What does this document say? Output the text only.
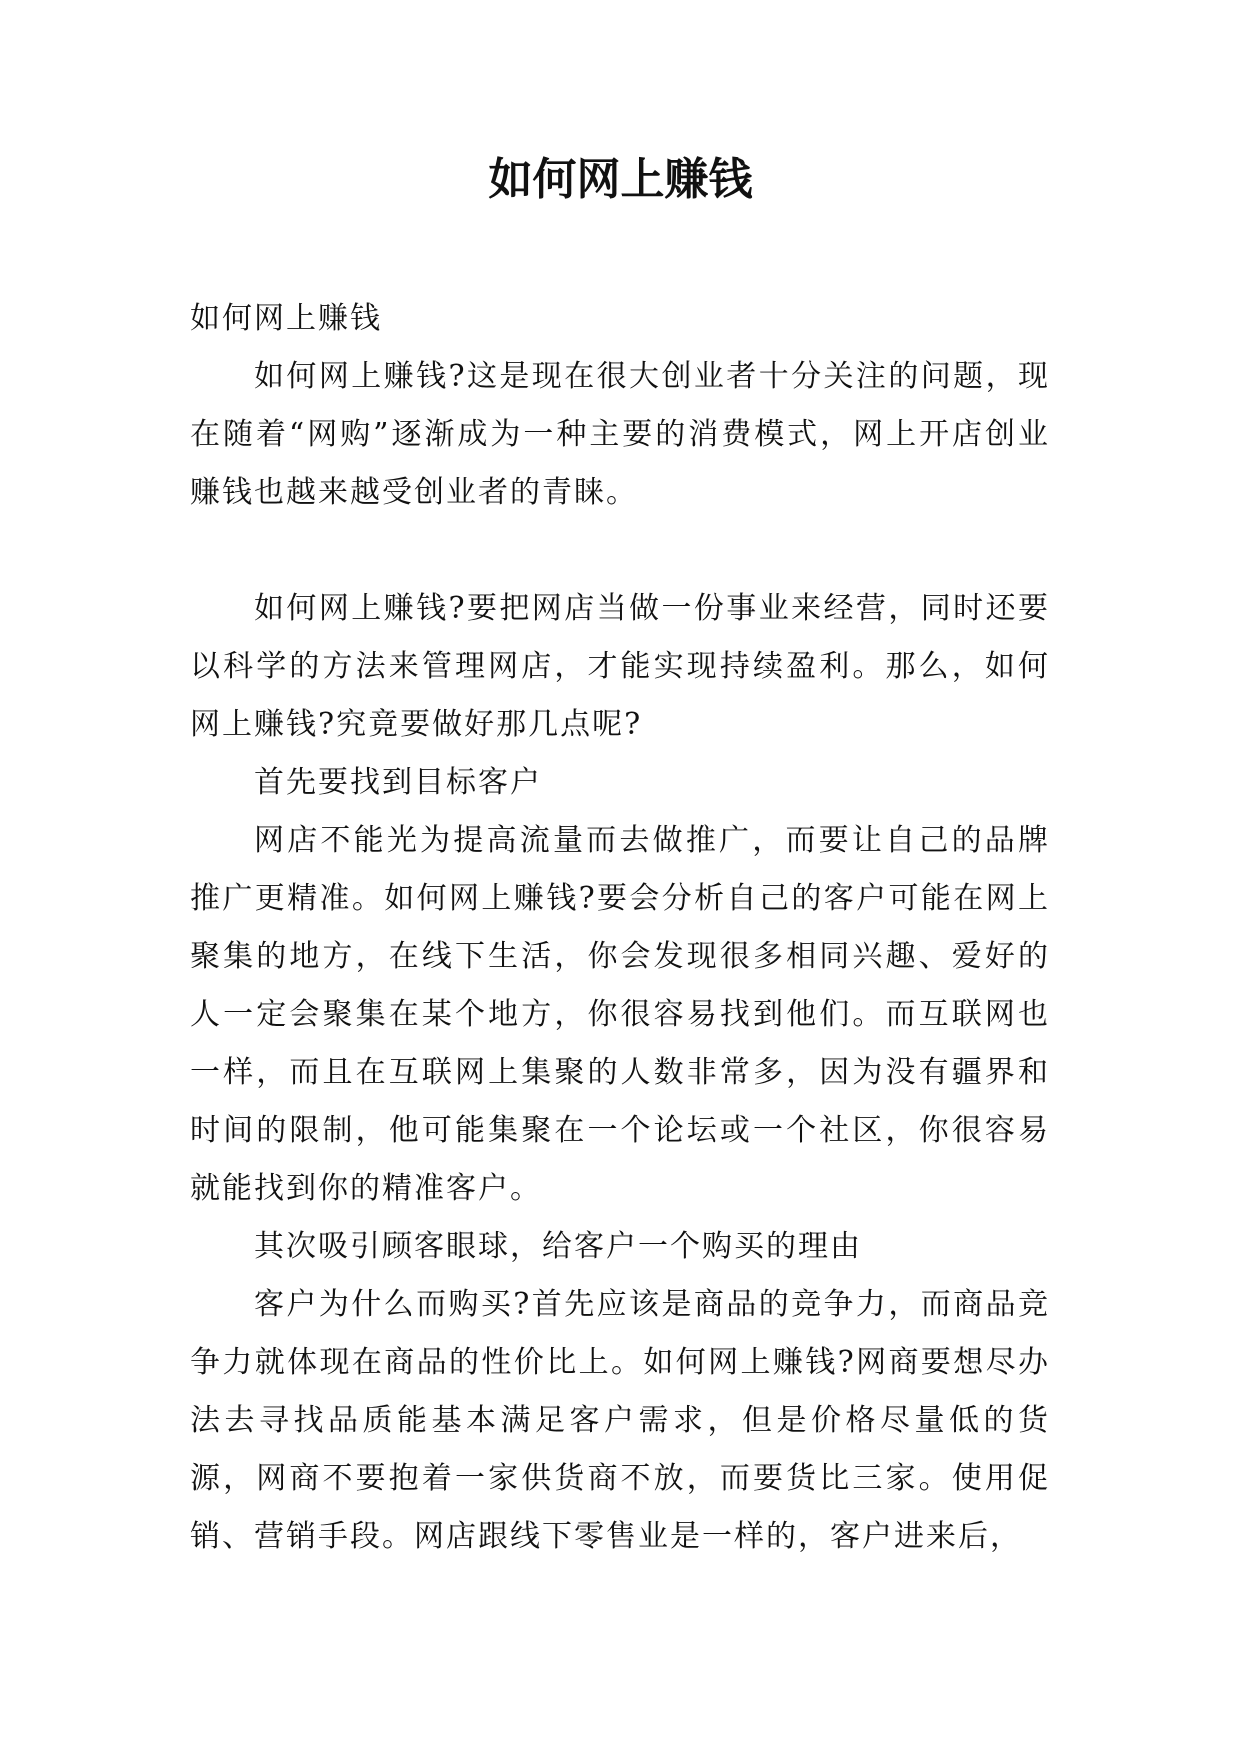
如何网上赚钱

如何网上赚钱

如何网上赚钱?这是现在很大创业者十分关注的问题，现在随着“网购”逐渐成为一种主要的消费模式，网上开店创业赚钱也越来越受创业者的青睐。

如何网上赚钱?要把网店当做一份事业来经营，同时还要以科学的方法来管理网店，才能实现持续盈利。那么，如何网上赚钱?究竟要做好那几点呢?

首先要找到目标客户

网店不能光为提高流量而去做推广，而要让自己的品牌推广更精准。如何网上赚钱?要会分析自己的客户可能在网上聚集的地方，在线下生活，你会发现很多相同兴趣、爱好的人一定会聚集在某个地方，你很容易找到他们。而互联网也一样，而且在互联网上集聚的人数非常多，因为没有疆界和时间的限制，他可能集聚在一个论坛或一个社区，你很容易就能找到你的精准客户。

其次吸引顾客眼球，给客户一个购买的理由

客户为什么而购买?首先应该是商品的竞争力，而商品竞争力就体现在商品的性价比上。如何网上赚钱?网商要想尽办法去寻找品质能基本满足客户需求，但是价格尽量低的货源，网商不要抱着一家供货商不放，而要货比三家。使用促销、营销手段。网店跟线下零售业是一样的，客户进来后，
